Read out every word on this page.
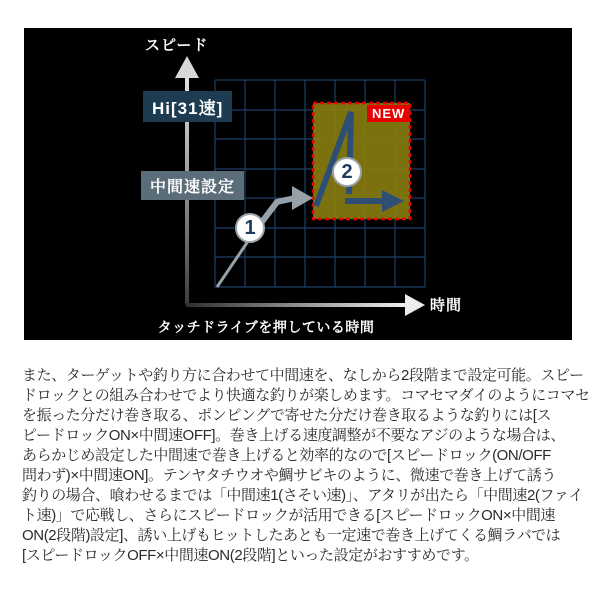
スピード
Hi[31速]
中間速設定
時間
タッチドライブを押している時間
NEW
1
2
また、ターゲットや釣り方に合わせて中間速を、なしから2段階まで設定可能。スピー
ドロックとの組み合わせでより快適な釣りが楽しめます。コマセマダイのようにコマセ
を振った分だけ巻き取る、ポンピングで寄せた分だけ巻き取るような釣りには[ス
ピードロックON×中間速OFF]。巻き上げる速度調整が不要なアジのような場合は、
あらかじめ設定した中間速で巻き上げると効率的なので[スピードロック(ON/OFF
問わず)×中間速ON]。テンヤタチウオや鯛サビキのように、微速で巻き上げて誘う
釣りの場合、喰わせるまでは「中間速1(さそい速)」、アタリが出たら「中間速2(ファイ
ト速)」で応戦し、さらにスピードロックが活用できる[スピードロックON×中間速
ON(2段階)設定]、誘い上げもヒットしたあとも一定速で巻き上げてくる鯛ラバでは
[スピードロックOFF×中間速ON(2段階]といった設定がおすすめです。
